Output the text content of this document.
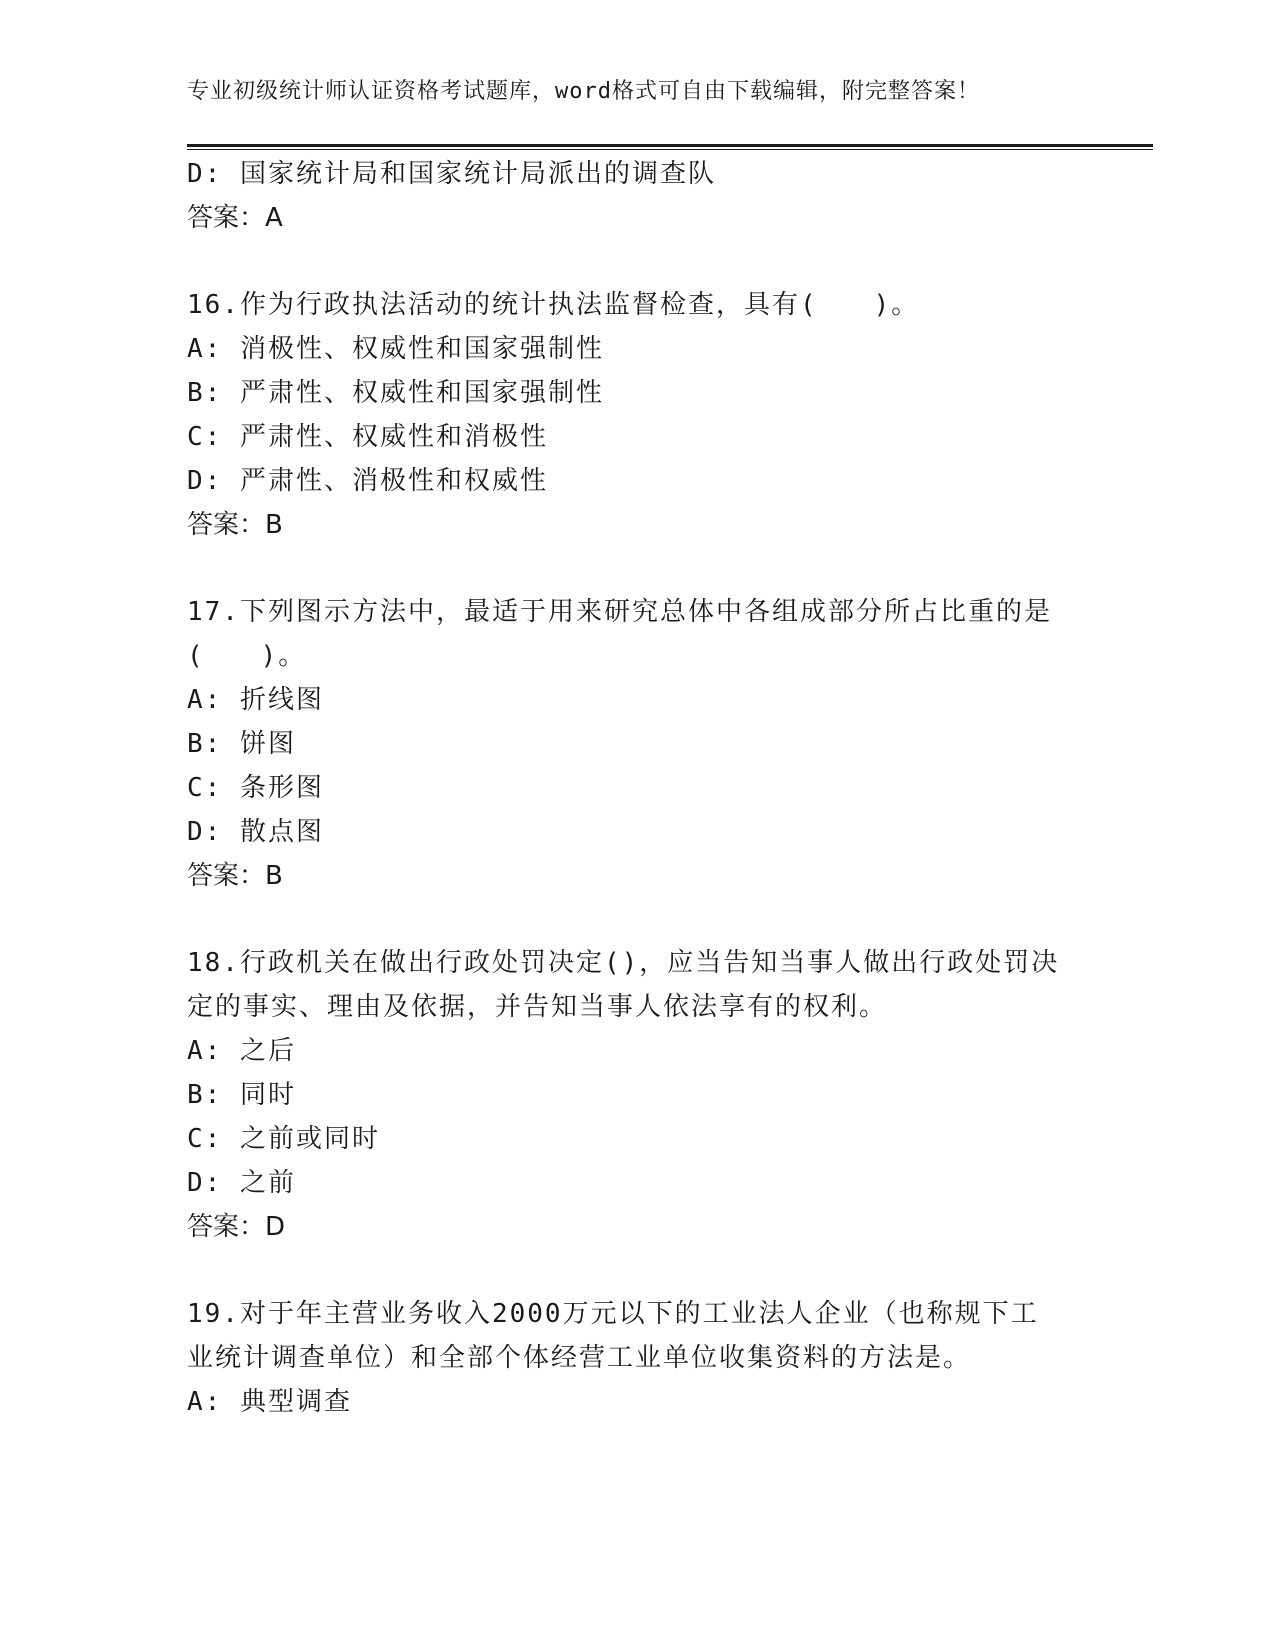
专业初级统计师认证资格考试题库，word格式可自由下载编辑，附完整答案！
D: 国家统计局和国家统计局派出的调查队
答案：A
16.作为行政执法活动的统计执法监督检查，具有(　　)。
A: 消极性、权威性和国家强制性
B: 严肃性、权威性和国家强制性
C: 严肃性、权威性和消极性
D: 严肃性、消极性和权威性
答案：B
17.下列图示方法中，最适于用来研究总体中各组成部分所占比重的是
(　　)。
A: 折线图
B: 饼图
C: 条形图
D: 散点图
答案：B
18.行政机关在做出行政处罚决定()，应当告知当事人做出行政处罚决
定的事实、理由及依据，并告知当事人依法享有的权利。
A: 之后
B: 同时
C: 之前或同时
D: 之前
答案：D
19.对于年主营业务收入2000万元以下的工业法人企业（也称规下工
业统计调查单位）和全部个体经营工业单位收集资料的方法是。
A: 典型调查
